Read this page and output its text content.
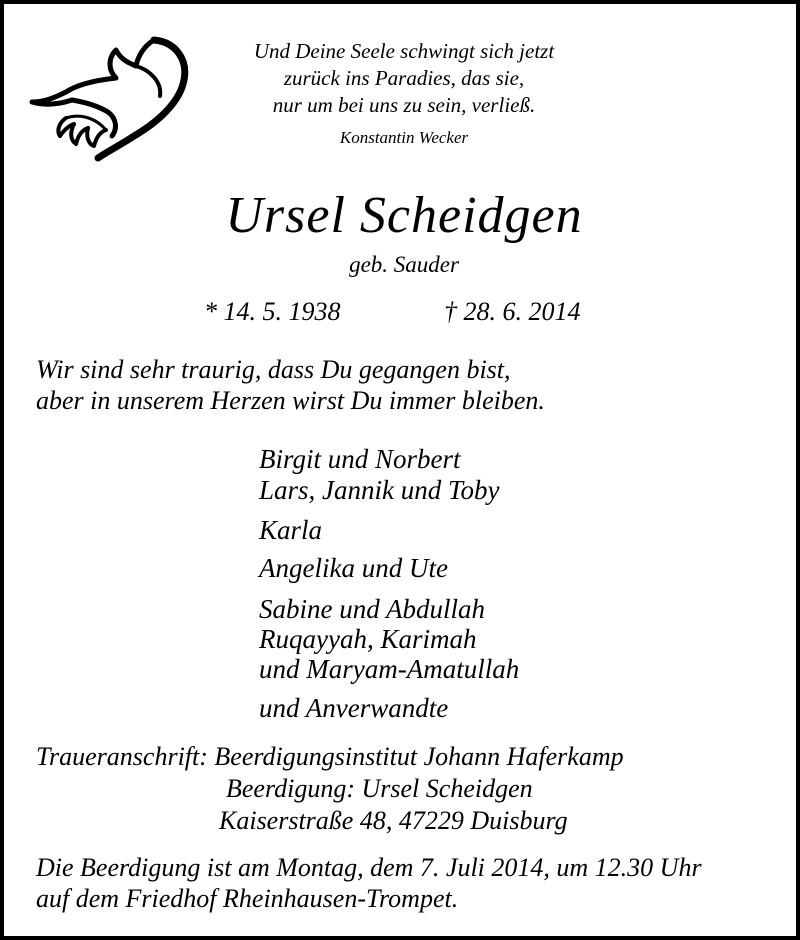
Und Deine Seele schwingt sich jetzt
zurück ins Paradies, das sie,
nur um bei uns zu sein, verließ.
Konstantin Wecker
Ursel Scheidgen
geb. Sauder
* 14. 5. 1938	† 28. 6. 2014
Wir sind sehr traurig, dass Du gegangen bist,
aber in unserem Herzen wirst Du immer bleiben.
Birgit und Norbert
Lars, Jannik und Toby
Karla
Angelika und Ute
Sabine und Abdullah
Ruqayyah, Karimah
und Maryam-Amatullah
und Anverwandte
Traueranschrift: Beerdigungsinstitut Johann Haferkamp
Beerdigung: Ursel Scheidgen
Kaiserstraße 48, 47229 Duisburg
Die Beerdigung ist am Montag, dem 7. Juli 2014, um 12.30 Uhr
auf dem Friedhof Rheinhausen-Trompet.
